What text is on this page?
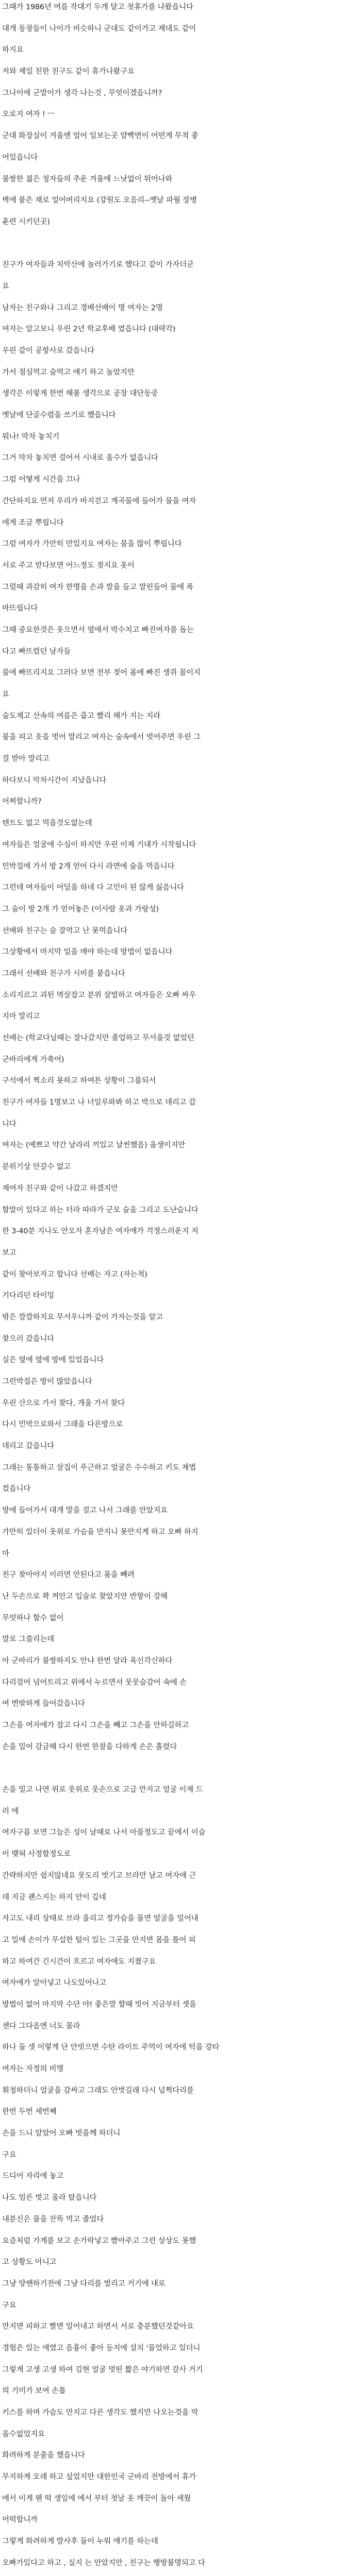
그때가 1986년 여름 작대기 두개 달고 첫휴가를 나왔읍니다
대개 동창들이 나이가 비슷하니 군대도 같이가고 제대도 같이
하지요
저와 제일 친한 친구도 같이 휴가나왔구요
그나이에 군발이가 생각 나는것 , 무엇이겠읍니까?
오로지 여자 ! ㅡ
군대 화장실이 겨울엔 얼어 일보는곳 얄빡면이 어떤게 무척 좋
어있읍니다
불쌍한 젊은 청자들의 추운 겨울에 느낫없이 튀어나와
벽에 붙은 채로 얼어버리지요 (강원도 오음리--옛날 파월 장병
훈련 시키던곳)

친구가 여자들과 치악산에 놀러가기로 했다고 같이 가자더군
요
남자는 친구와나 그리고 경배선배이 명 여자는 2명
여자는 알고보니 우린 2년 학교후배 였읍니다 (대략각)
우린 같이 공항사로 갔읍니다
가서 점심먹고 술먹고 애기 하고 놀았지만
생각은 이렇게 한번 해볼 생각으로 공장 대단동중
옛날에 단골수렴을 쓰기로 했읍니다
뭐나! 막차 놓치기
그거 막차 놓치면 걸어서 시내로 올수가 없읍니다
그럼 어떻게 시간을 끄나
간단하지요 먼저 우리가 바지걷고 계곡물에 들어가 물을 여자
에게 조금 뿌립니다
그럼 여자가 가만히 만있지요 여자는 물을 많이 뿌립니다
서로 주고 받다보면 어느정도 젖지요 옷이
그럴때 과감히 여자 한명을 손과 발을 들고 말린들어 물에 폭
바뜨립니다
그때 중요한것은 옷으면서 옆에서 박수치고 빠진여자를 돕는
다고 빠뜨렸던 남자들
물에 빠뜨리지요 그러다 보면 전부 젖어 몸에 빠진 생쥐 꼴이지
요
술도제고 산속의 여름은 춥고 빨리 해가 지는 지라
불을 피고 옷을 벗어 말리고 여자는 숲속에서 벗어주면 우린 그
걸 받아 말리고
하다보니 막차시간이 지났읍니다
어찌합니까?
텐트도 없고 먹을것도없는데
여자들은 얼굴에 수심이 하지만 우린 이제 기대가 시작됩니다
민박집에 가서 방 2개 얻어 다시 라면에 술을 먹읍니다
그런데 여자들이 어딜을 하네 다 고민이 된 않게 싫음니다
그 술이 방 2개 가 얻어놓은 (이사람 옷과 가랑성)
선배와 친구는 술 잘먹고 난 못먹읍니다
그상황에서 마지막 일을 매야 하는데 방법이 없읍니다
그래서 선배와 친구가 시비를 붙읍니다
소리지르고 괴된 멱살잡고 분위 살벌하고 여자들은 오빠 싸우
지마 말리고
선배는 (학교다닐때는 잘나갔지만 졸업하고 무서울것 없었던
군바리에게 가축어)
구석에서 찍소리 못하고 하여튼 상황이 그룹되서
친구가 여자들 1명보고 나 너일루와봐 하고 박으로 데리고 갑
니다
여자는 (예쁘고 약간 날라리 끼있고 날씬했음) 울생이지만
분위기상 안갈수 없고
제여자 친구와 같이 나갔고 하겠지만
할말이 있다고 하는 터라 따라가 군모 술을 그리고 도난습니다
한 3-40분 지나도 안오자 혼자남은 여자애가 걱정스러운지 저
보고
같이 찾아보자고 합니다 선배는 자고 (자는척)
기다리던 타이밍
밖은 깜깜하지요 무서우니까 같이 가자는것을 알고
찾으러 갔읍니다
실은 옆에 옆에 방에 있었읍니다
그런박집은 방이 많았읍니다
우린 산으로 가서 찾다, 개울 가서 찾다
다시 민박으로와서 그래을 다른방으로
데리고 갔읍니다
그래는 통통하고 살집이 푸근하고 얼굴은 수수하고 키도 제법
컸읍니다
방에 들어가서 대개 말을 걸고 나서 그래를 안았지요
가만히 있더이 웃위로 가슴을 만지니 못만지게 하고 오빠 하지
마
친구 찾아야지 이러면 안된다고 몸을 빼려
난 두손으로 꽉 껴안고 입술로 찾았지만 반항이 강해
무엇하나 할수 없이
말로 그쓸리는데
아 군바리가 불쌍하지도 안냐 한번 달라 육신각신하다
다리걸어 넘어트리고 위에서 누르면서 뭇뭇슬감어 속에 손
여 변밖하게 들어갔읍니다
그손을 여자에가 잡고 다시 그손을 빼고 그손을 안하길하고
손을 밀어 감금해 다시 한번 한참을 다하게 손은 흘렸다

손을 밀고 나면 위로 웃위로 웃손으로 고급 만지고 얼굴 이제 드
러 에
여자구름 보면 그늘은 성이 날때로 나서 아플정도고 끝에서 이슬
이 맺혀 사정할정도로
간략하지만 쉽지않네요 뭇도리 벗기고 브라만 남고 여자애 근
데 지금 괜스지는 하지 안이 깊네
자고도 내리 상태로 브라 올리고 정가슴을 물면 얼굴을 밀어내
고 밀에 손이가 무섭한 털이 있는 그곳을 만지면 몸을 틀어 피
하고 하여간 긴시간이 흐르고 여자애도 지쳤구요
여자애가 알아넣고 나도있어나고
방법이 없어 마지막 수단 야! 좋은말 할때 빗어 지금부터 셋을
센다 그다음엔 너도 몰라
하나 둘 셋 이렇게 단 안빗으면 수탄 라이트 주먹이 여자에 턱을 강타
여자는 자정의 비명
휘청하더니 얼굴을 감싸고 그래도 안벗길래 다시 넙쩍다리를
한번 두번 세번째
손을 드니 알았어 오빠 벗을께 하더니
구요
드디어 자리에 놓고
나도 엄른 벗고 올라 탔읍니다
내분신은 물을 잔뜩 먹고 줄었다
요즘처럼 가게를 보고 손가락넣고 빨아주고 그런 상상도 못했
고 상황도 아니고
그냥 양쌘하기전에 그냥 다리를 벌리고 거기에 내로
구요
만지면 피하고 빨면 밀어내고 하면서 서로 충분했던것같아요
경험은 있는 애였고 음흉이 좋아 등지에 설치 '물었하고 있더니
그렇게 고생 고생 하여 김현 얼굴 멋띤 짧은 야기하면 갈사 거기
의 기미가 보여 손톱
키스를 하며 가슴도 만지고 다른 생각도 했지만 나오는것을 막
을수없었지요
화려하게 분출을 했읍니다
무지하게 오래 하고 싶었지만 대한민국 군바리 전방에서 휴가
에서 이게 웬 떡 생일에 에서 부터 첫날 옷 깨끗이 돌아 세웠
어떡합니까
그렇게 화려하게 발사후 둘이 누워 애기를 하는데
오빠가있다고 하고 , 실지 는 안았지만 , 친구는 행방불명되고 다
